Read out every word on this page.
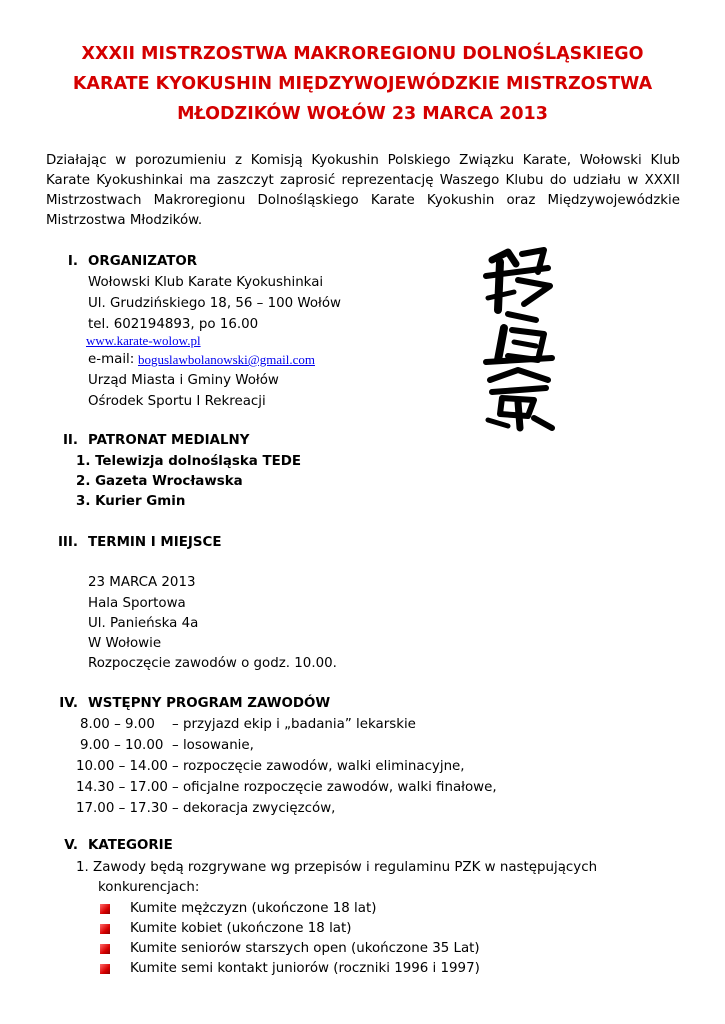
XXXII MISTRZOSTWA MAKROREGIONU DOLNOŚLĄSKIEGO
KARATE KYOKUSHIN MIĘDZYWOJEWÓDZKIE MISTRZOSTWA
MŁODZIKÓW WOŁÓW 23 MARCA 2013
Działając w porozumieniu z Komisją Kyokushin Polskiego Związku Karate, Wołowski Klub
Karate Kyokushinkai ma zaszczyt zaprosić reprezentację Waszego Klubu do udziału w XXXII
Mistrzostwach Makroregionu Dolnośląskiego Karate Kyokushin oraz Międzywojewódzkie
Mistrzostwa Młodzików.
I. ORGANIZATOR
Wołowski Klub Karate Kyokushinkai
Ul. Grudzińskiego 18, 56 – 100 Wołów
tel. 602194893, po 16.00
www.karate-wolow.pl
e-mail: boguslawbolanowski@gmail.com
Urząd Miasta i Gminy Wołów
Ośrodek Sportu I Rekreacji
II. PATRONAT MEDIALNY
1. Telewizja dolnośląska TEDE
2. Gazeta Wrocławska
3. Kurier Gmin
III. TERMIN I MIEJSCE
23 MARCA 2013
Hala Sportowa
Ul. Panieńska 4a
W Wołowie
Rozpoczęcie zawodów o godz. 10.00.
IV. WSTĘPNY PROGRAM ZAWODÓW
8.00 – 9.00 – przyjazd ekip i „badania” lekarskie
9.00 – 10.00 – losowanie,
10.00 – 14.00 – rozpoczęcie zawodów, walki eliminacyjne,
14.30 – 17.00 – oficjalne rozpoczęcie zawodów, walki finałowe,
17.00 – 17.30 – dekoracja zwycięzców,
V. KATEGORIE
1. Zawody będą rozgrywane wg przepisów i regulaminu PZK w następujących
konkurencjach:
Kumite mężczyzn (ukończone 18 lat)
Kumite kobiet (ukończone 18 lat)
Kumite seniorów starszych open (ukończone 35 Lat)
Kumite semi kontakt juniorów (roczniki 1996 i 1997)
